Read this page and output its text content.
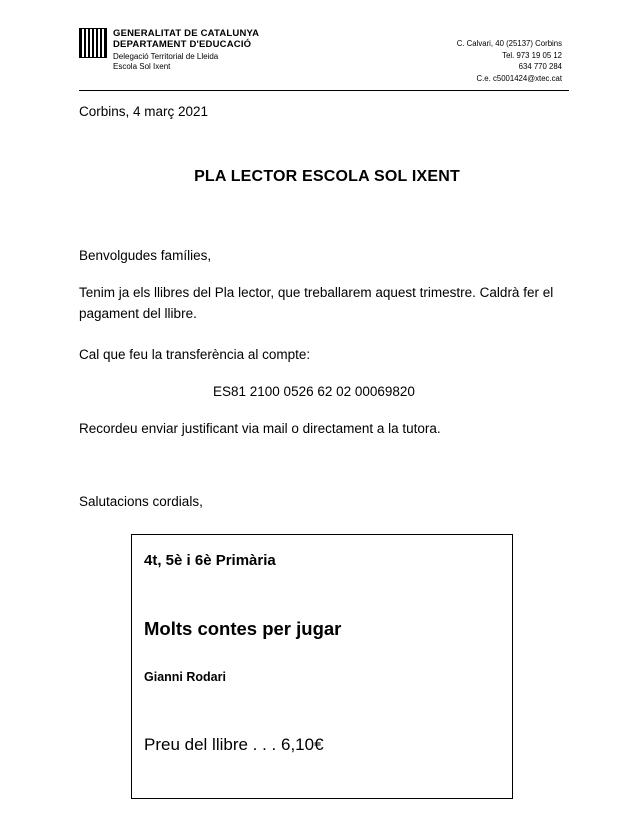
GENERALITAT DE CATALUNYA
DEPARTAMENT D'EDUCACIÓ
Delegació Territorial de Lleida
Escola Sol Ixent
C. Calvari, 40 (25137) Corbins
Tel. 973 19 05 12
634 770 284
C.e. c5001424@xtec.cat
Corbins, 4 març 2021
PLA LECTOR ESCOLA SOL IXENT
Benvolgudes famílies,
Tenim ja els llibres del Pla lector, que treballarem aquest trimestre. Caldrà fer el pagament del llibre.
Cal que feu la transferència al compte:
ES81 2100 0526 62 02 00069820
Recordeu enviar justificant via mail o directament a la tutora.
Salutacions cordials,
4t, 5è i 6è Primària
Molts contes per jugar
Gianni Rodari
Preu del llibre . . . 6,10€
